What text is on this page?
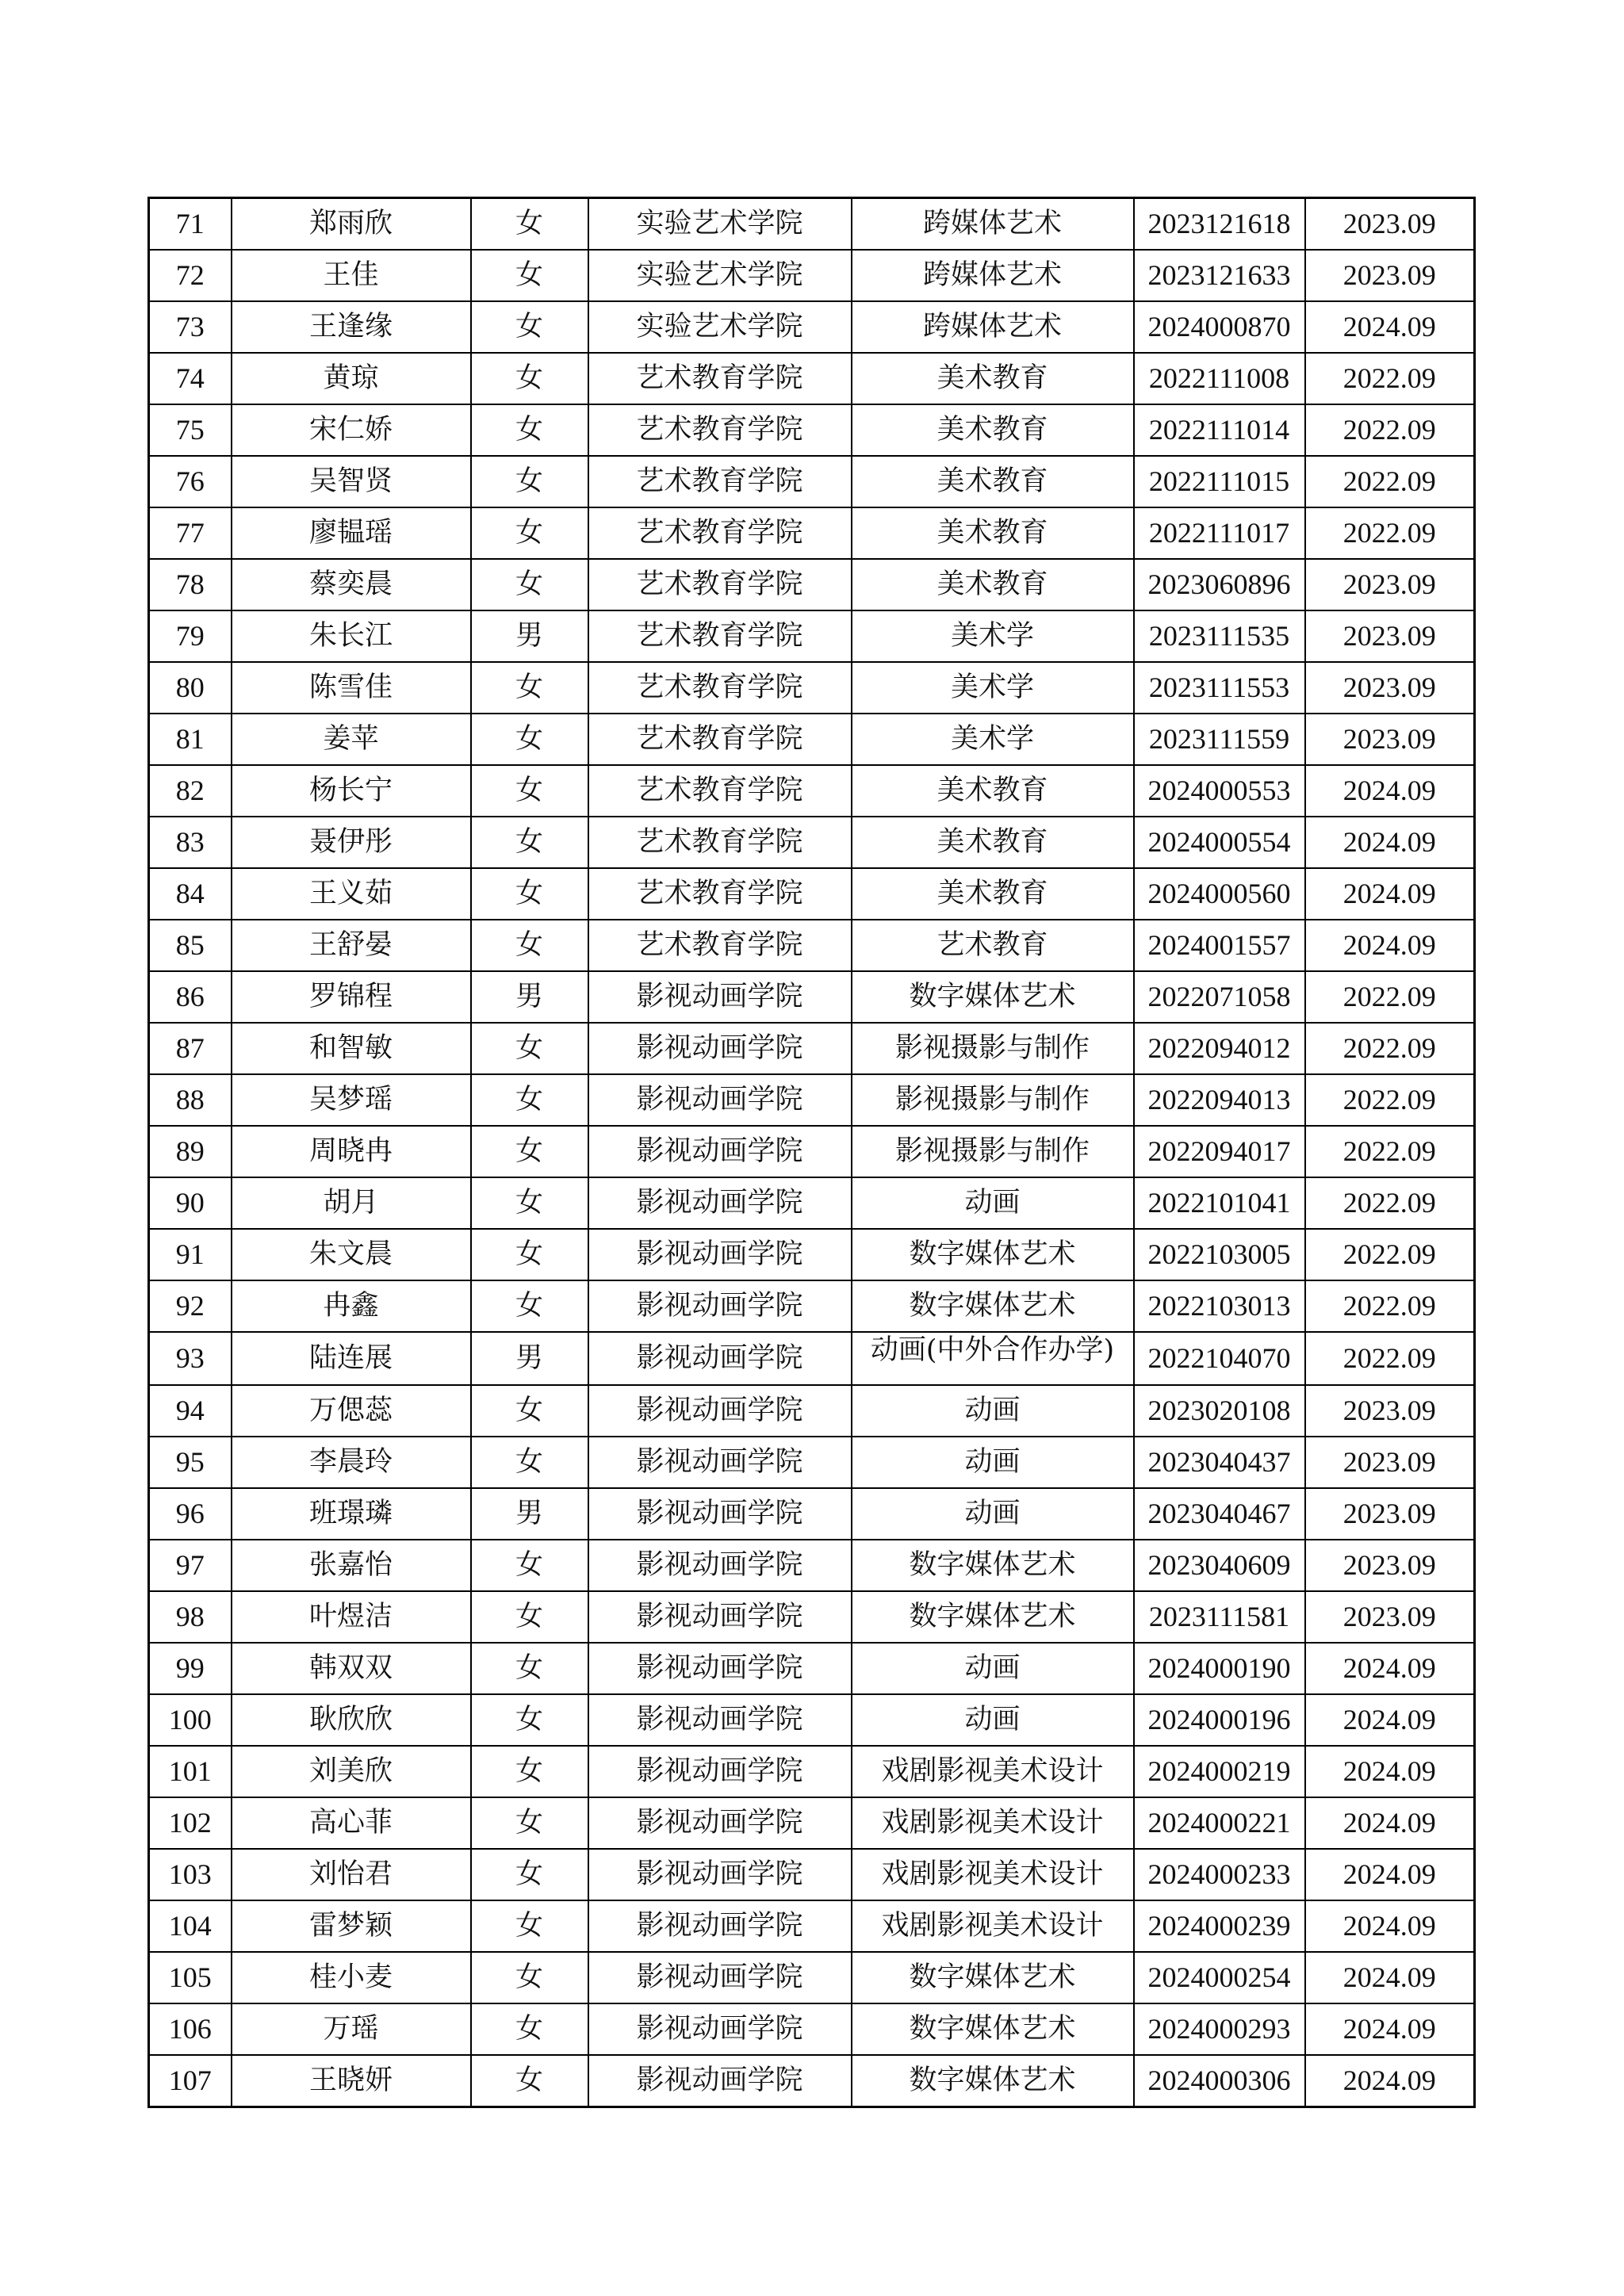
71	郑雨欣	女	实验艺术学院	跨媒体艺术	2023121618	2023.09
72	王佳	女	实验艺术学院	跨媒体艺术	2023121633	2023.09
73	王逢缘	女	实验艺术学院	跨媒体艺术	2024000870	2024.09
74	黄琼	女	艺术教育学院	美术教育	2022111008	2022.09
75	宋仁娇	女	艺术教育学院	美术教育	2022111014	2022.09
76	吴智贤	女	艺术教育学院	美术教育	2022111015	2022.09
77	廖韫瑶	女	艺术教育学院	美术教育	2022111017	2022.09
78	蔡奕晨	女	艺术教育学院	美术教育	2023060896	2023.09
79	朱长江	男	艺术教育学院	美术学	2023111535	2023.09
80	陈雪佳	女	艺术教育学院	美术学	2023111553	2023.09
81	姜苹	女	艺术教育学院	美术学	2023111559	2023.09
82	杨长宁	女	艺术教育学院	美术教育	2024000553	2024.09
83	聂伊彤	女	艺术教育学院	美术教育	2024000554	2024.09
84	王义茹	女	艺术教育学院	美术教育	2024000560	2024.09
85	王舒晏	女	艺术教育学院	艺术教育	2024001557	2024.09
86	罗锦程	男	影视动画学院	数字媒体艺术	2022071058	2022.09
87	和智敏	女	影视动画学院	影视摄影与制作	2022094012	2022.09
88	吴梦瑶	女	影视动画学院	影视摄影与制作	2022094013	2022.09
89	周晓冉	女	影视动画学院	影视摄影与制作	2022094017	2022.09
90	胡月	女	影视动画学院	动画	2022101041	2022.09
91	朱文晨	女	影视动画学院	数字媒体艺术	2022103005	2022.09
92	冉鑫	女	影视动画学院	数字媒体艺术	2022103013	2022.09
93	陆连展	男	影视动画学院	动画(中外合作办学)	2022104070	2022.09
94	万偲蕊	女	影视动画学院	动画	2023020108	2023.09
95	李晨玲	女	影视动画学院	动画	2023040437	2023.09
96	班璟璘	男	影视动画学院	动画	2023040467	2023.09
97	张嘉怡	女	影视动画学院	数字媒体艺术	2023040609	2023.09
98	叶煜洁	女	影视动画学院	数字媒体艺术	2023111581	2023.09
99	韩双双	女	影视动画学院	动画	2024000190	2024.09
100	耿欣欣	女	影视动画学院	动画	2024000196	2024.09
101	刘美欣	女	影视动画学院	戏剧影视美术设计	2024000219	2024.09
102	高心菲	女	影视动画学院	戏剧影视美术设计	2024000221	2024.09
103	刘怡君	女	影视动画学院	戏剧影视美术设计	2024000233	2024.09
104	雷梦颖	女	影视动画学院	戏剧影视美术设计	2024000239	2024.09
105	桂小麦	女	影视动画学院	数字媒体艺术	2024000254	2024.09
106	万瑶	女	影视动画学院	数字媒体艺术	2024000293	2024.09
107	王晓妍	女	影视动画学院	数字媒体艺术	2024000306	2024.09
